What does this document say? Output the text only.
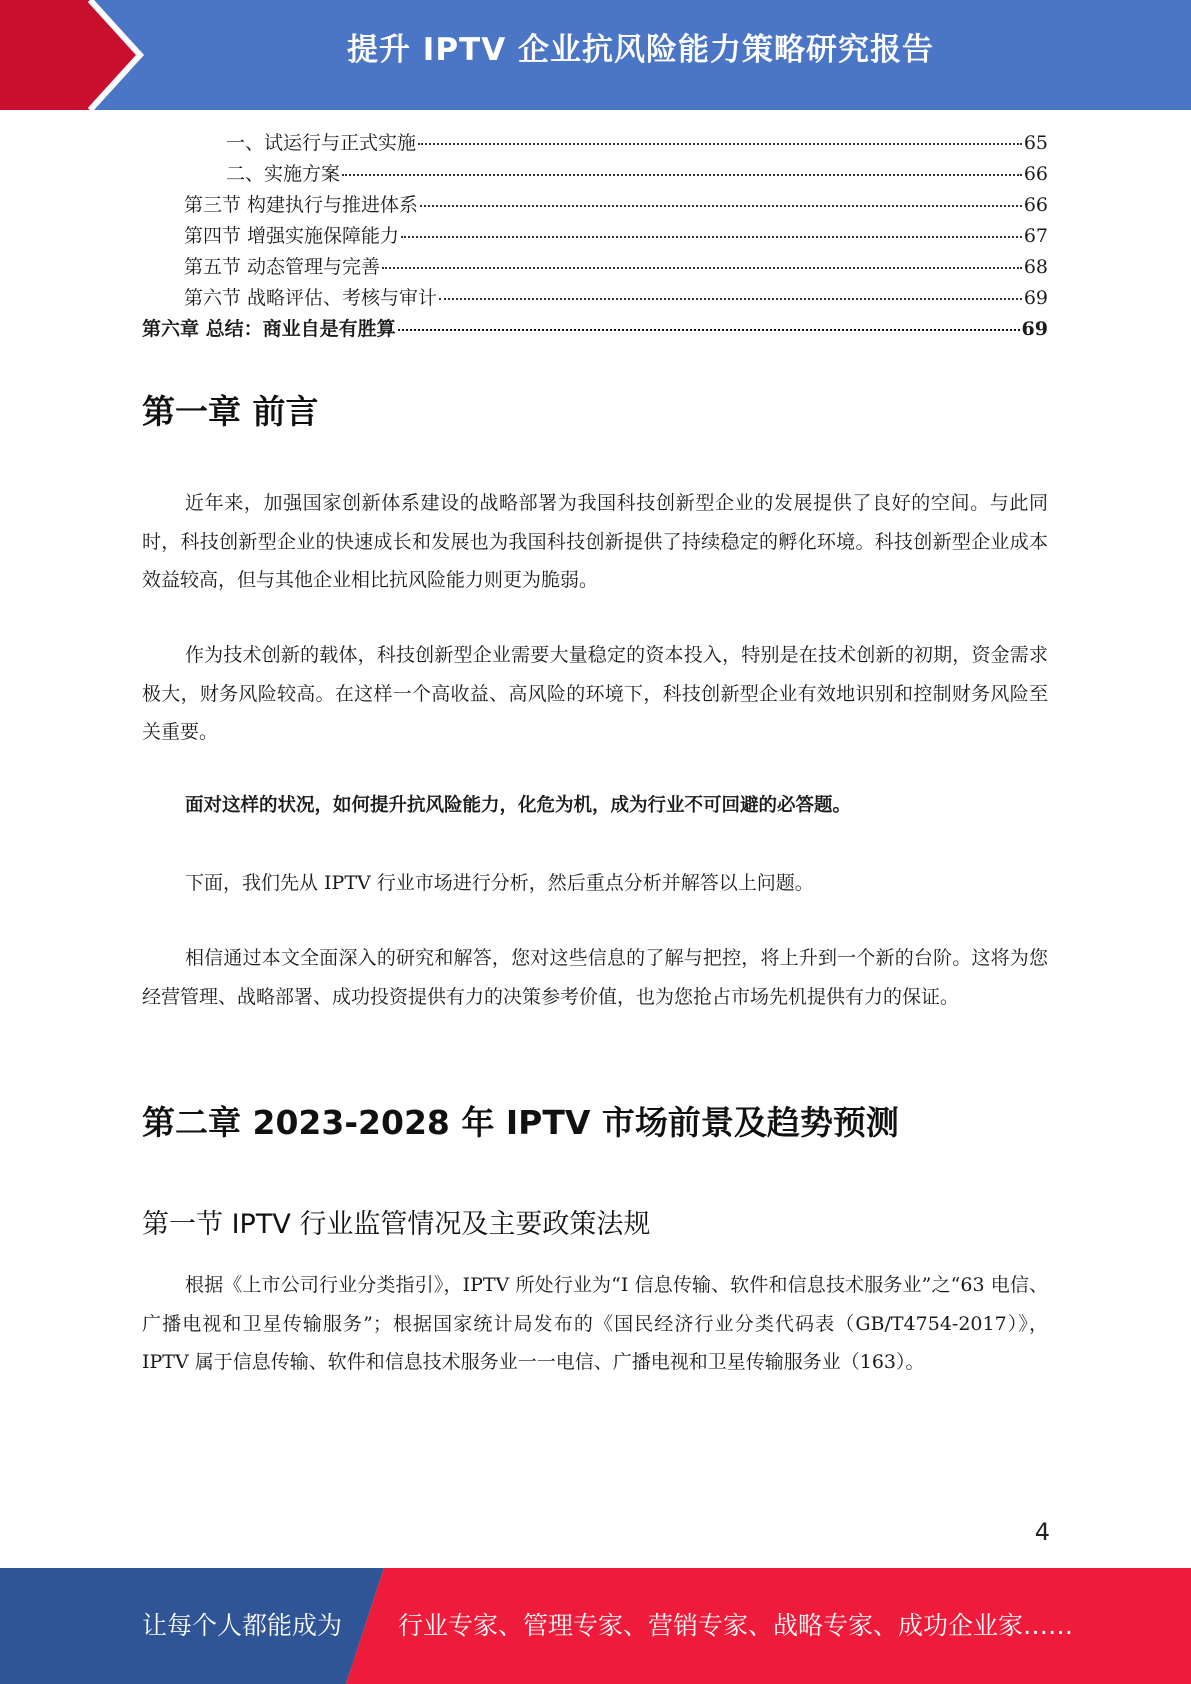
提升 IPTV 企业抗风险能力策略研究报告
一、试运行与正式实施	65
二、实施方案	66
第三节 构建执行与推进体系	66
第四节 增强实施保障能力	67
第五节 动态管理与完善	68
第六节 战略评估、考核与审计	69
第六章 总结：商业自是有胜算	69
第一章 前言

近年来，加强国家创新体系建设的战略部署为我国科技创新型企业的发展提供了良好的空间。与此同时，科技创新型企业的快速成长和发展也为我国科技创新提供了持续稳定的孵化环境。科技创新型企业成本效益较高，但与其他企业相比抗风险能力则更为脆弱。

作为技术创新的载体，科技创新型企业需要大量稳定的资本投入，特别是在技术创新的初期，资金需求极大，财务风险较高。在这样一个高收益、高风险的环境下，科技创新型企业有效地识别和控制财务风险至关重要。

面对这样的状况，如何提升抗风险能力，化危为机，成为行业不可回避的必答题。

下面，我们先从 IPTV 行业市场进行分析，然后重点分析并解答以上问题。

相信通过本文全面深入的研究和解答，您对这些信息的了解与把控，将上升到一个新的台阶。这将为您经营管理、战略部署、成功投资提供有力的决策参考价值，也为您抢占市场先机提供有力的保证。

第二章 2023-2028 年 IPTV 市场前景及趋势预测
第一节 IPTV 行业监管情况及主要政策法规

根据《上市公司行业分类指引》，IPTV 所处行业为“I 信息传输、软件和信息技术服务业”之“63 电信、广播电视和卫星传输服务”；根据国家统计局发布的《国民经济行业分类代码表（GB/T4754-2017）》，IPTV 属于信息传输、软件和信息技术服务业一一电信、广播电视和卫星传输服务业（163）。

4
让每个人都能成为 行业专家、管理专家、营销专家、战略专家、成功企业家……
